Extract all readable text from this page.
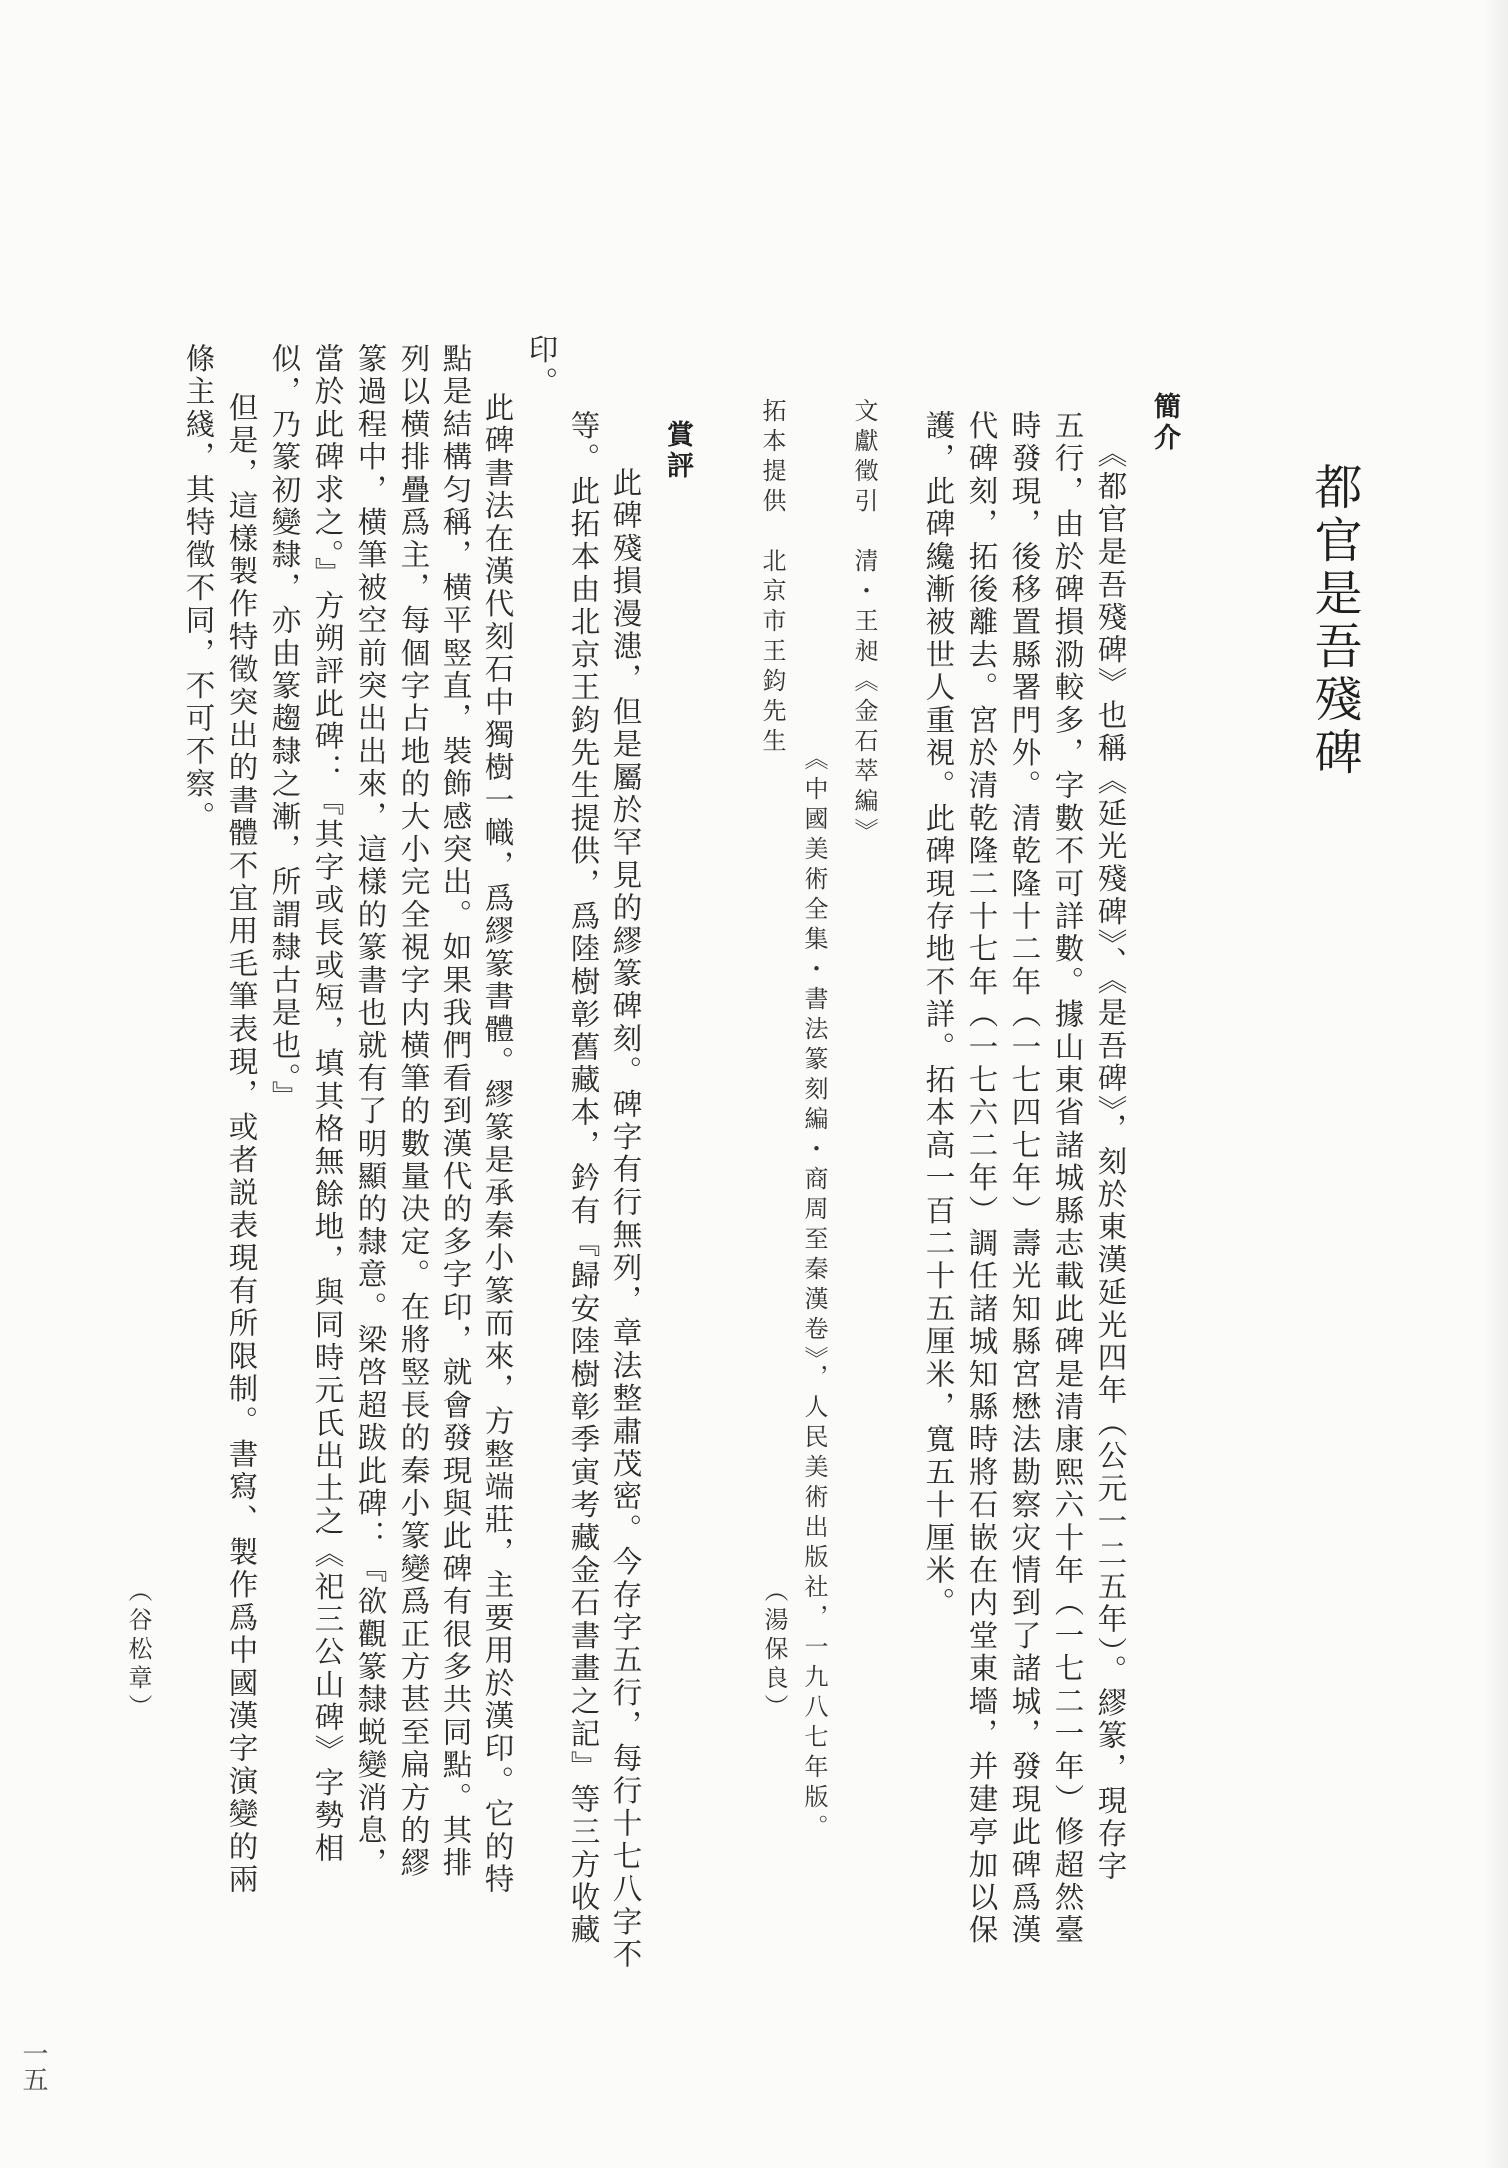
都官是吾殘碑
簡介
《都官是吾殘碑》也稱《延光殘碑》、《是吾碑》，刻於東漢延光四年（公元一二五年）。繆篆，現存字
五行，由於碑損泐較多，字數不可詳數。據山東省諸城縣志載此碑是清康熙六十年（一七二一年）修超然臺
時發現，後移置縣署門外。清乾隆十二年（一七四七年）壽光知縣宮懋法勘察灾情到了諸城，發現此碑爲漢
代碑刻，拓後離去。宮於清乾隆二十七年（一七六二年）調任諸城知縣時將石嵌在内堂東墻，并建亭加以保
護，此碑纔漸被世人重視。此碑現存地不詳。拓本高一百二十五厘米，寬五十厘米。
文獻徵引　清・王昶《金石萃編》
《中國美術全集・書法篆刻編・商周至秦漢卷》，人民美術出版社，一九八七年版。
拓本提供　北京市王鈞先生
（湯保良）
賞評
此碑殘損漫漶，但是屬於罕見的繆篆碑刻。碑字有行無列，章法整肅茂密。今存字五行，每行十七八字不
等。此拓本由北京王鈞先生提供，爲陸樹彰舊藏本，鈐有『歸安陸樹彰季寅考藏金石書畫之記』等三方收藏
印。
此碑書法在漢代刻石中獨樹一幟，爲繆篆書體。繆篆是承秦小篆而來，方整端莊，主要用於漢印。它的特
點是結構匀稱，横平竪直，裝飾感突出。如果我們看到漢代的多字印，就會發現與此碑有很多共同點。其排
列以横排疊爲主，每個字占地的大小完全視字内横筆的數量决定。在將竪長的秦小篆變爲正方甚至扁方的繆
篆過程中，横筆被空前突出出來，這樣的篆書也就有了明顯的隸意。梁啓超跋此碑：『欲觀篆隸蜕變消息，
當於此碑求之。』方朔評此碑：『其字或長或短，填其格無餘地，與同時元氏出土之《祀三公山碑》字勢相
似，乃篆初變隸，亦由篆趨隸之漸，所謂隸古是也。』
但是，這樣製作特徵突出的書體不宜用毛筆表現，或者説表現有所限制。書寫、製作爲中國漢字演變的兩
條主綫，其特徵不同，不可不察。
（谷松章）
一五
